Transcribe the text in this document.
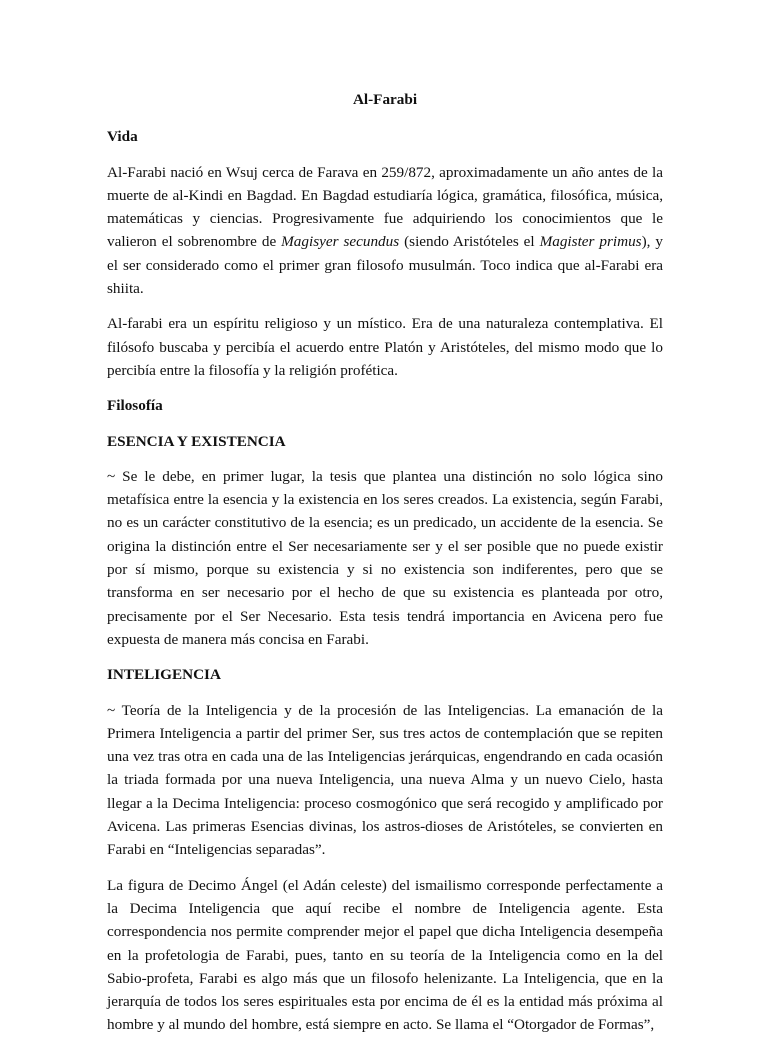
Al-Farabi
Vida

Al-Farabi nació en Wsuj cerca de Farava en 259/872, aproximadamente un año antes de la muerte de al-Kindi en Bagdad. En Bagdad estudiaría lógica, gramática, filosófica, música, matemáticas y ciencias. Progresivamente fue adquiriendo los conocimientos que le valieron el sobrenombre de Magisyer secundus (siendo Aristóteles el Magister primus), y el ser considerado como el primer gran filosofo musulmán. Toco indica que al-Farabi era shiita.

Al-farabi era un espíritu religioso y un místico. Era de una naturaleza contemplativa. El filósofo buscaba y percibía el acuerdo entre Platón y Aristóteles, del mismo modo que lo percibía entre la filosofía y la religión profética.

Filosofía
ESENCIA Y EXISTENCIA

~ Se le debe, en primer lugar, la tesis que plantea una distinción no solo lógica sino metafísica entre la esencia y la existencia en los seres creados. La existencia, según Farabi, no es un carácter constitutivo de la esencia; es un predicado, un accidente de la esencia. Se origina la distinción entre el Ser necesariamente ser y el ser posible que no puede existir por sí mismo, porque su existencia y si no existencia son indiferentes, pero que se transforma en ser necesario por el hecho de que su existencia es planteada por otro, precisamente por el Ser Necesario. Esta tesis tendrá importancia en Avicena pero fue expuesta de manera más concisa en Farabi.

INTELIGENCIA

~ Teoría de la Inteligencia y de la procesión de las Inteligencias. La emanación de la Primera Inteligencia a partir del primer Ser, sus tres actos de contemplación que se repiten una vez tras otra en cada una de las Inteligencias jerárquicas, engendrando en cada ocasión la triada formada por una nueva Inteligencia, una nueva Alma y un nuevo Cielo, hasta llegar a la Decima Inteligencia: proceso cosmogónico que será recogido y amplificado por Avicena. Las primeras Esencias divinas, los astros-dioses de Aristóteles, se convierten en Farabi en “Inteligencias separadas”.

La figura de Decimo Ángel (el Adán celeste) del ismailismo corresponde perfectamente a la Decima Inteligencia que aquí recibe el nombre de Inteligencia agente. Esta correspondencia nos permite comprender mejor el papel que dicha Inteligencia desempeña en la profetologia de Farabi, pues, tanto en su teoría de la Inteligencia como en la del Sabio-profeta, Farabi es algo más que un filosofo helenizante. La Inteligencia, que en la jerarquía de todos los seres espirituales esta por encima de él es la entidad más próxima al hombre y al mundo del hombre, está siempre en acto. Se llama el “Otorgador de Formas”,
